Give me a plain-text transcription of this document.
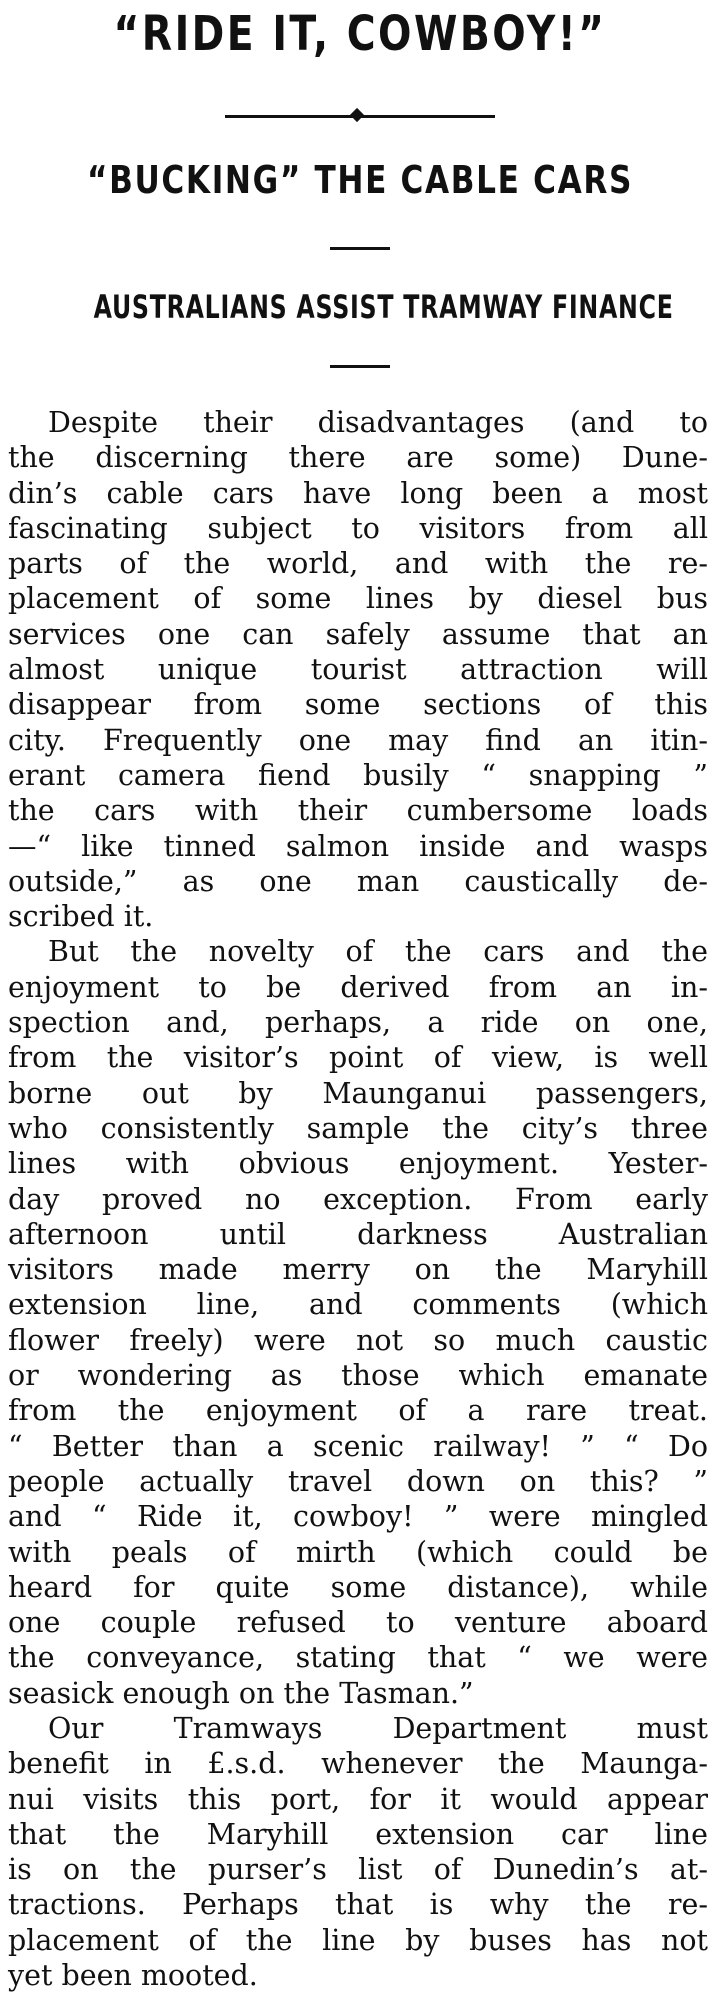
“RIDE IT, COWBOY!”
“BUCKING” THE CABLE CARS
AUSTRALIANS ASSIST TRAMWAY FINANCE
Despite their disadvantages (and to
the discerning there are some) Dune-
din’s cable cars have long been a most
fascinating subject to visitors from all
parts of the world, and with the re-
placement of some lines by diesel bus
services one can safely assume that an
almost unique tourist attraction will
disappear from some sections of this
city. Frequently one may find an itin-
erant camera fiend busily “ snapping ”
the cars with their cumbersome loads
—“ like tinned salmon inside and wasps
outside,” as one man caustically de-
scribed it.
But the novelty of the cars and the
enjoyment to be derived from an in-
spection and, perhaps, a ride on one,
from the visitor’s point of view, is well
borne out by Maunganui passengers,
who consistently sample the city’s three
lines with obvious enjoyment. Yester-
day proved no exception. From early
afternoon until darkness Australian
visitors made merry on the Maryhill
extension line, and comments (which
flower freely) were not so much caustic
or wondering as those which emanate
from the enjoyment of a rare treat.
“ Better than a scenic railway! ” “ Do
people actually travel down on this? ”
and “ Ride it, cowboy! ” were mingled
with peals of mirth (which could be
heard for quite some distance), while
one couple refused to venture aboard
the conveyance, stating that “ we were
seasick enough on the Tasman.”
Our Tramways Department must
benefit in £.s.d. whenever the Maunga-
nui visits this port, for it would appear
that the Maryhill extension car line
is on the purser’s list of Dunedin’s at-
tractions. Perhaps that is why the re-
placement of the line by buses has not
yet been mooted.
